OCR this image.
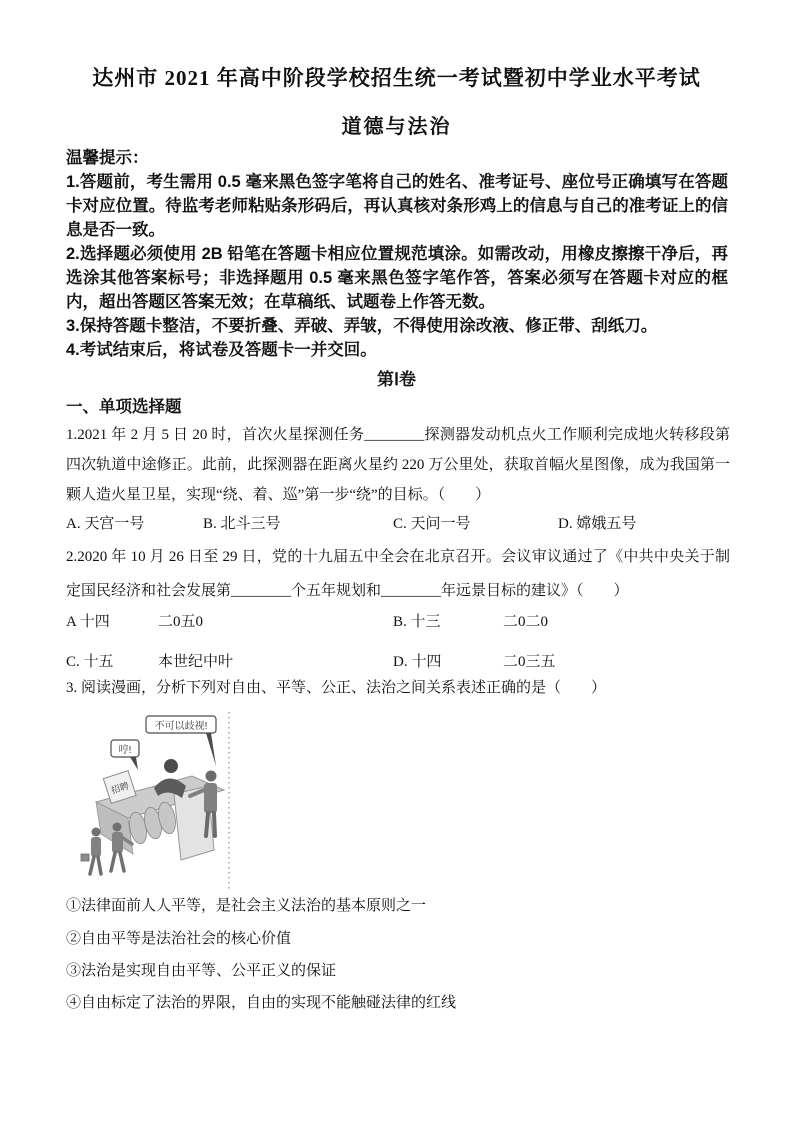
达州市 2021 年高中阶段学校招生统一考试暨初中学业水平考试
道德与法治

温馨提示：

1.答题前，考生需用 0.5 毫来黑色签字笔将自己的姓名、准考证号、座位号正确填写在答题卡对应位置。待监考老师粘贴条形码后，再认真核对条形鸡上的信息与自己的准考证上的信息是否一致。

2.选择题必须使用 2B 铅笔在答题卡相应位置规范填涂。如需改动，用橡皮擦擦干净后，再选涂其他答案标号；非选择题用 0.5 毫来黑色签字笔作答，答案必须写在答题卡对应的框内，超出答题区答案无效；在草稿纸、试题卷上作答无数。

3.保持答题卡整洁，不要折叠、弄破、弄皱，不得使用涂改液、修正带、刮纸刀。

4.考试结束后，将试卷及答题卡一并交回。

第Ⅰ卷

一、单项选择题

1.2021 年 2 月 5 日 20 时，首次火星探测任务________探测器发动机点火工作顺利完成地火转移段第四次轨道中途修正。此前，此探测器在距离火星约 220 万公里处，获取首幅火星图像，成为我国第一颗人造火星卫星，实现“绕、着、巡”第一步“绕”的目标。（　　）

A. 天宫一号	B. 北斗三号	C. 天问一号	D. 嫦娥五号

2.2020 年 10 月 26 日至 29 日，党的十九届五中全会在北京召开。会议审议通过了《中共中央关于制定国民经济和社会发展第________个五年规划和________年远景目标的建议》（　　）

A 十四	二0五0	B. 十三	二0二0
C. 十五	本世纪中叶	D. 十四	二0三五

3. 阅读漫画，分析下列对自由、平等、公正、法治之间关系表述正确的是（　　）

招聘
哼!
不可以歧视!

①法律面前人人平等，是社会主义法治的基本原则之一

②自由平等是法治社会的核心价值

③法治是实现自由平等、公平正义的保证

④自由标定了法治的界限，自由的实现不能触碰法律的红线
